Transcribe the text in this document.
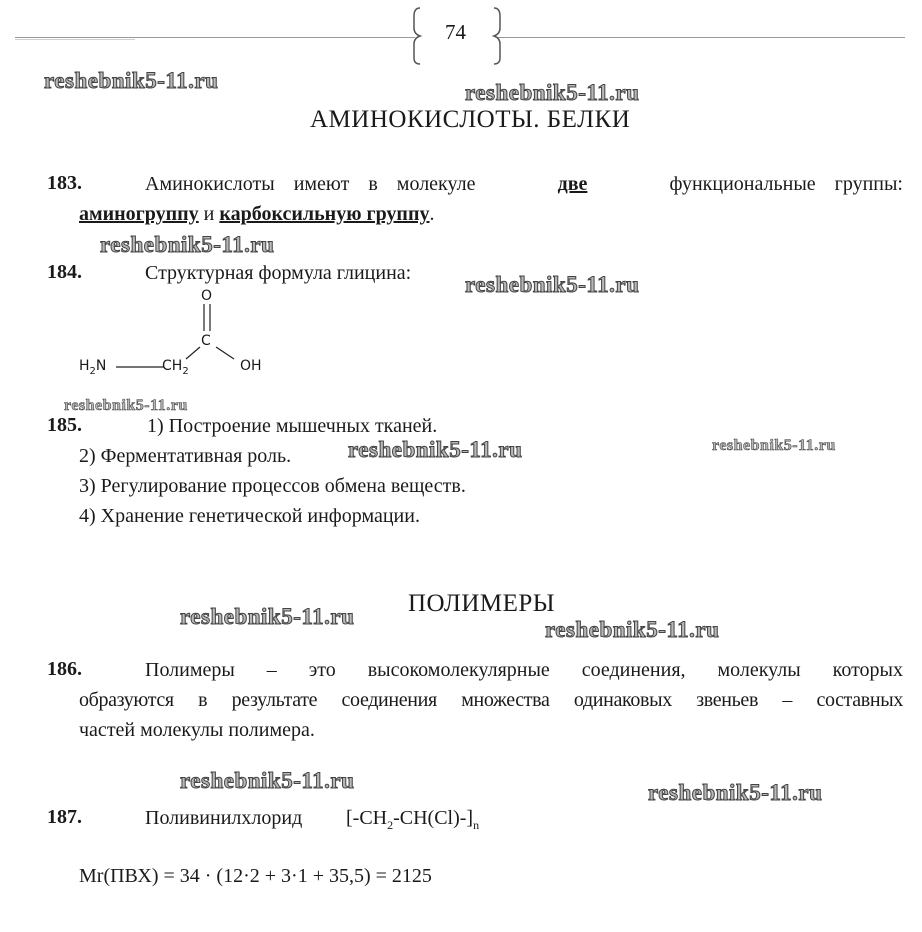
74
reshebnik5-11.ru	reshebnik5-11.ru
reshebnik5-11.ru
reshebnik5-11.ru
reshebnik5-11.ru
reshebnik5-11.ru	reshebnik5-11.ru
reshebnik5-11.ru
reshebnik5-11.ru
reshebnik5-11.ru	reshebnik5-11.ru
АМИНОКИСЛОТЫ. БЕЛКИ
183.	Аминокислоты имеют в молекуле	две	функциональные группы:
аминогруппу и карбоксильную группу.
184.	Структурная формула глицина:
O
C
OH
$H_2N$	$CH_2$
185.	1) Построение мышечных тканей.
2) Ферментативная роль.
3) Регулирование процессов обмена веществ.
4) Хранение генетической информации.
ПОЛИМЕРЫ
186.	Полимеры – это высокомолекулярные соединения, молекулы которых
образуются в результате соединения множества одинаковых звеньев – составных
частей молекулы полимера.
187.	Поливинилхлорид $[-CH_2-CH(Cl)-]_n$
Mr(ПВХ) = 34 · (12·2 + 3·1 + 35,5) = 2125
